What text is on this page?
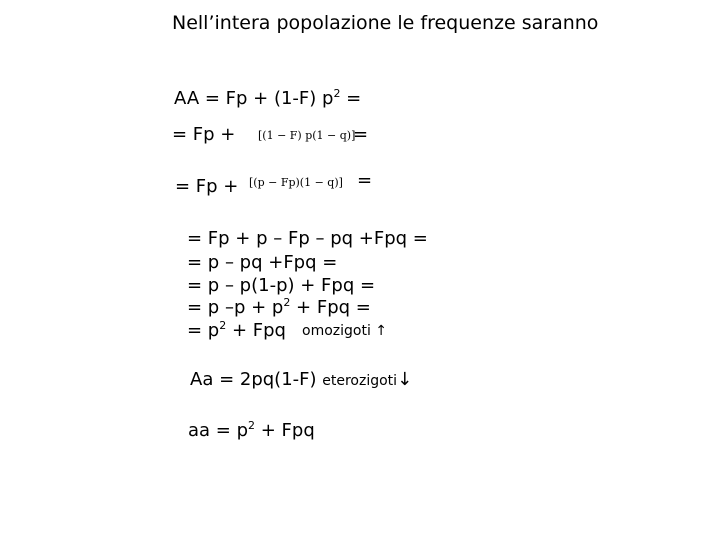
Nell’intera popolazione le frequenze saranno
AA = Fp + (1-F) $p^2$ =
= Fp + [(1 − F) p(1 − q)]
=
= Fp + [(p − Fp)(1 − q)] =
= Fp + p – Fp – pq +Fpq =
= p – pq +Fpq =
= p – p(1-p) + Fpq =
= p $-p + p^2$ + Fpq =
= $p^2$ + Fpq omozigoti ↑
Aa = 2pq(1-F) eterozigoti↓
aa = $p^2$ + Fpq
